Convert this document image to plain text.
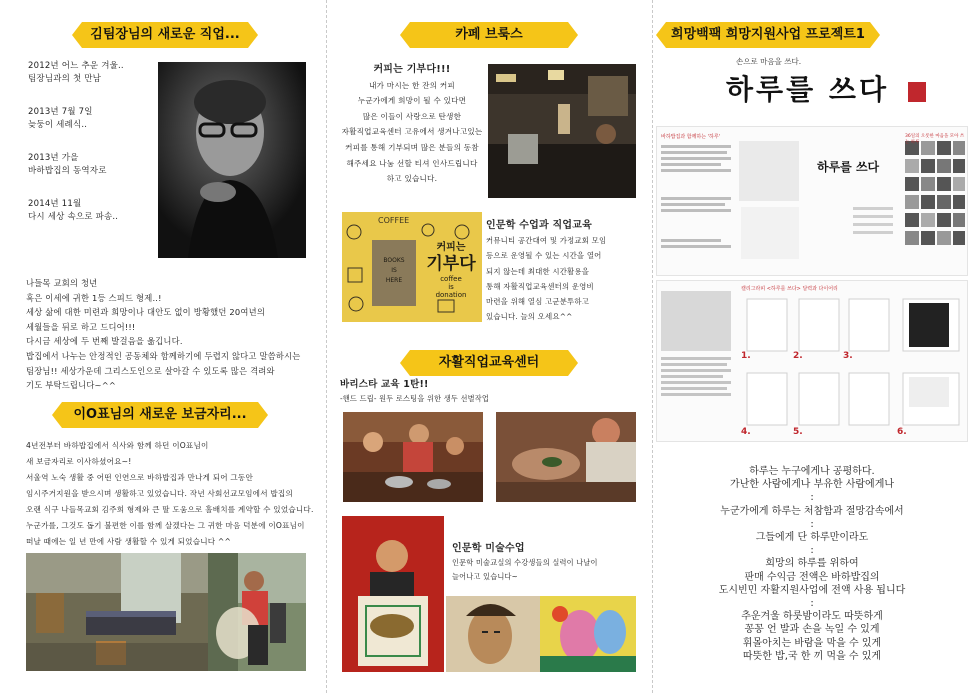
김팀장님의 새로운 직업...

2012년 어느 추운 겨울..

팀장님과의 첫 만남

2013년 7월 7일

늦둥이 세례식..

2013년 가을

바하밥집의 동역자로

2014년 11월

다시 세상 속으로 파송..

나들목 교회의 청년

혹은 이세에 귀한 1등 스피드 형제..!

세상 삶에 대한 미련과 희망이나 대안도 없이 방황했던 20여년의

세월들을 뒤로 하고 드디어!!!

다시금 세상에 두 번째 발걸음을 옮깁니다.

밥집에서 나누는 안정적인 공동체와 함께하기에 두렵지 않다고 말씀하시는

팀장님!! 세상가운데 그리스도인으로 살아갈 수 있도록 많은 격려와

기도 부탁드립니다~^^

이O표님의 새로운 보금자리...

4년전부터 바하밥집에서 식사와 함께 하던 이O표님이

새 보금자리로 이사하셨어요~!

서울역 노숙 생활 중 어떤 인연으로 바하밥집과 만나게 되어 그동안

임시주거지원을 받으시며 생활하고 있었습니다. 작년 사회선교모임에서 밥집의

오랜 식구 나들목교회 김주희 형제와 큰 딸 도움으로 홀배치를 계약할 수 있었습니다.

누군가를, 그것도 돕기 불편한 이를 함께 살겠다는 그 귀한 마음 덕분에 이O표님이

떠날 때에는 일 년 만에 사람 생활할 수 있게 되었습니다 ^^

카페 브룩스

커피는 기부다!!!

내가 마시는 한 잔의 커피

누군가에게 희망이 될 수 있다면

많은 이들이 사랑으로 탄생한

자활직업교육센터 고유에서 생겨나고있는

커피를 통해 기부되며 많은 분들의 동참

해주세요 나눔 선할 티셔 인사드립니다

하고 있습니다.

BOOKS
IS
HERE
COFFEE
커피는
기부다
coffee
is
donation

인문학 수업과 직업교육

커뮤니티 공간대여 및 가정교회 모임

등으로 운영될 수 있는 시간을 열어

되지 않는데 최대한 시간활용을

통해 자활직업교육센터의 운영비

마련을 위해 열심 고군분투하고

있습니다. 늘의 오세요^^

자활직업교육센터

바리스타 교육 1탄!!

-핸드 드립- 원두 로스팅을 위한 생두 선별작업

인문학 미술수업

인문학 미술교실의 수강생들의 실력이 나날이

늘어나고 있습니다~

희망백팩 희망지원사업 프로젝트1
손으로 마음을 쓰다.
하루를 쓰다
바하밥집과 함께하는 '하루'
하루를 쓰다
36일의 오롯한 마음을 모아 쓰는 하루
캘리그라피 <하루를 쓰다> 달력과 다이어리
1.	2.	3.
4.	5.	6.

하루는 누구에게나 공평하다.

가난한 사람에게나 부유한 사람에게나

:

누군가에게 하루는 처참함과 절망감속에서

:

그들에게 단 하루만이라도

:

희망의 하루를 위하여

판매 수익금 전액은 바하밥집의

도시빈민 자활지원사업에 전액 사용 됩니다

:

추운겨울 하룻밤이라도 따뜻하게

꽁꽁 언 발과 손을 녹일 수 있게

휘몰아치는 바람을 막을 수 있게

따뜻한 밥,국 한 끼 먹을 수 있게
